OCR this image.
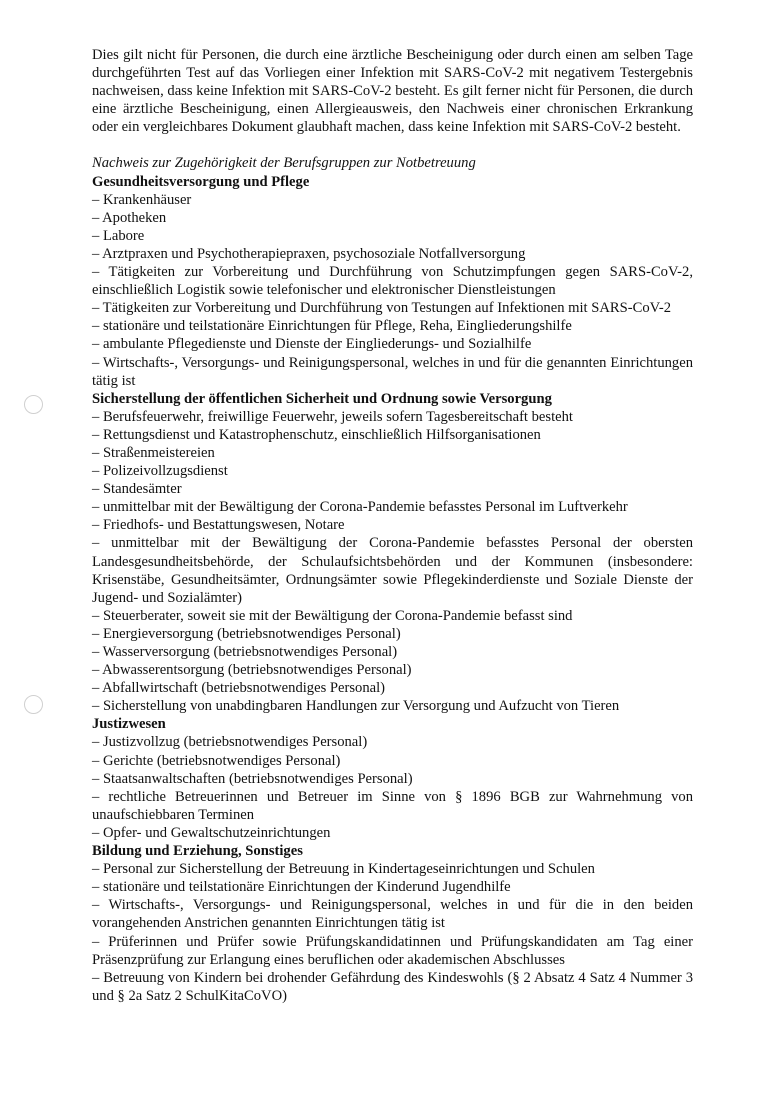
Dies gilt nicht für Personen, die durch eine ärztliche Bescheinigung oder durch einen am selben Tage durchgeführten Test auf das Vorliegen einer Infektion mit SARS-CoV-2 mit negativem Testergebnis nachweisen, dass keine Infektion mit SARS-CoV-2 besteht. Es gilt ferner nicht für Personen, die durch eine ärztliche Bescheinigung, einen Allergieausweis, den Nachweis einer chronischen Erkrankung oder ein vergleichbares Dokument glaubhaft machen, dass keine Infektion mit SARS-CoV-2 besteht.

Nachweis zur Zugehörigkeit der Berufsgruppen zur Notbetreuung

Gesundheitsversorgung und Pflege

– Krankenhäuser

– Apotheken

– Labore

– Arztpraxen und Psychotherapiepraxen, psychosoziale Notfallversorgung

– Tätigkeiten zur Vorbereitung und Durchführung von Schutzimpfungen gegen SARS-CoV-2, einschließlich Logistik sowie telefonischer und elektronischer Dienstleistungen

– Tätigkeiten zur Vorbereitung und Durchführung von Testungen auf Infektionen mit SARS-CoV-2

– stationäre und teilstationäre Einrichtungen für Pflege, Reha, Eingliederungshilfe

– ambulante Pflegedienste und Dienste der Eingliederungs- und Sozialhilfe

– Wirtschafts-, Versorgungs- und Reinigungspersonal, welches in und für die genannten Einrichtungen tätig ist

Sicherstellung der öffentlichen Sicherheit und Ordnung sowie Versorgung

– Berufsfeuerwehr, freiwillige Feuerwehr, jeweils sofern Tagesbereitschaft besteht

– Rettungsdienst und Katastrophenschutz, einschließlich Hilfsorganisationen

– Straßenmeistereien

– Polizeivollzugsdienst

– Standesämter

– unmittelbar mit der Bewältigung der Corona-Pandemie befasstes Personal im Luftverkehr

– Friedhofs- und Bestattungswesen, Notare

– unmittelbar mit der Bewältigung der Corona-Pandemie befasstes Personal der obersten Landesgesundheitsbehörde, der Schulaufsichtsbehörden und der Kommunen (insbesondere: Krisenstäbe, Gesundheitsämter, Ordnungsämter sowie Pflegekinderdienste und Soziale Dienste der Jugend- und Sozialämter)

– Steuerberater, soweit sie mit der Bewältigung der Corona-Pandemie befasst sind

– Energieversorgung (betriebsnotwendiges Personal)

– Wasserversorgung (betriebsnotwendiges Personal)

– Abwasserentsorgung (betriebsnotwendiges Personal)

– Abfallwirtschaft (betriebsnotwendiges Personal)

– Sicherstellung von unabdingbaren Handlungen zur Versorgung und Aufzucht von Tieren

Justizwesen

– Justizvollzug (betriebsnotwendiges Personal)

– Gerichte (betriebsnotwendiges Personal)

– Staatsanwaltschaften (betriebsnotwendiges Personal)

– rechtliche Betreuerinnen und Betreuer im Sinne von § 1896 BGB zur Wahrnehmung von unaufschiebbaren Terminen

– Opfer- und Gewaltschutzeinrichtungen

Bildung und Erziehung, Sonstiges

– Personal zur Sicherstellung der Betreuung in Kindertageseinrichtungen und Schulen

– stationäre und teilstationäre Einrichtungen der Kinderund Jugendhilfe

– Wirtschafts-, Versorgungs- und Reinigungspersonal, welches in und für die in den beiden vorangehenden Anstrichen genannten Einrichtungen tätig ist

– Prüferinnen und Prüfer sowie Prüfungskandidatinnen und Prüfungskandidaten am Tag einer Präsenzprüfung zur Erlangung eines beruflichen oder akademischen Abschlusses

– Betreuung von Kindern bei drohender Gefährdung des Kindeswohls (§ 2 Absatz 4 Satz 4 Nummer 3 und § 2a Satz 2 SchulKitaCoVO)
